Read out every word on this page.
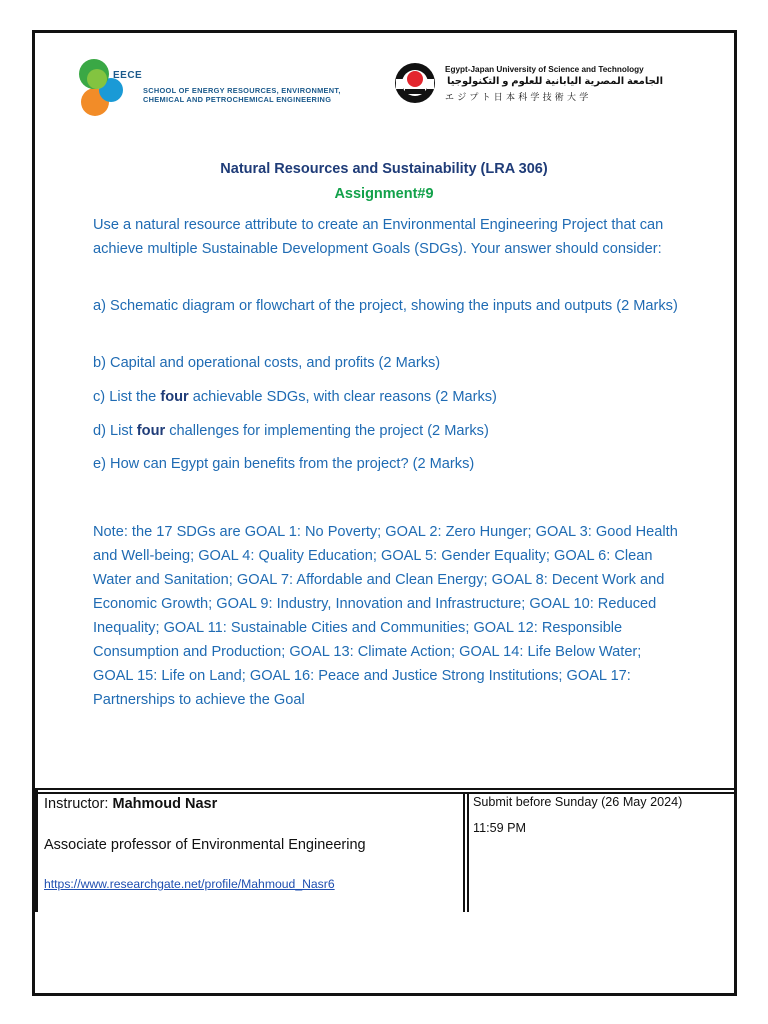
EECE
SCHOOL OF ENERGY RESOURCES, ENVIRONMENT,
CHEMICAL AND PETROCHEMICAL ENGINEERING
Egypt-Japan University of Science and Technology
الجامعة المصرية اليابانية للعلوم و التكنولوجيا
エジプト日本科学技術大学
Natural Resources and Sustainability (LRA 306)
Assignment#9
Use a natural resource attribute to create an Environmental Engineering Project that can achieve multiple Sustainable Development Goals (SDGs). Your answer should consider:
a) Schematic diagram or flowchart of the project, showing the inputs and outputs (2 Marks)
b) Capital and operational costs, and profits (2 Marks)
c) List the four achievable SDGs, with clear reasons (2 Marks)
d) List four challenges for implementing the project (2 Marks)
e) How can Egypt gain benefits from the project? (2 Marks)
Note: the 17 SDGs are GOAL 1: No Poverty; GOAL 2: Zero Hunger; GOAL 3: Good Health and Well-being; GOAL 4: Quality Education; GOAL 5: Gender Equality; GOAL 6: Clean Water and Sanitation; GOAL 7: Affordable and Clean Energy; GOAL 8: Decent Work and Economic Growth; GOAL 9: Industry, Innovation and Infrastructure; GOAL 10: Reduced Inequality; GOAL 11: Sustainable Cities and Communities; GOAL 12: Responsible Consumption and Production; GOAL 13: Climate Action; GOAL 14: Life Below Water; GOAL 15: Life on Land; GOAL 16: Peace and Justice Strong Institutions; GOAL 17: Partnerships to achieve the Goal
Instructor: Mahmoud Nasr
Associate professor of Environmental Engineering
https://www.researchgate.net/profile/Mahmoud_Nasr6
Submit before Sunday (26 May 2024)
11:59 PM
